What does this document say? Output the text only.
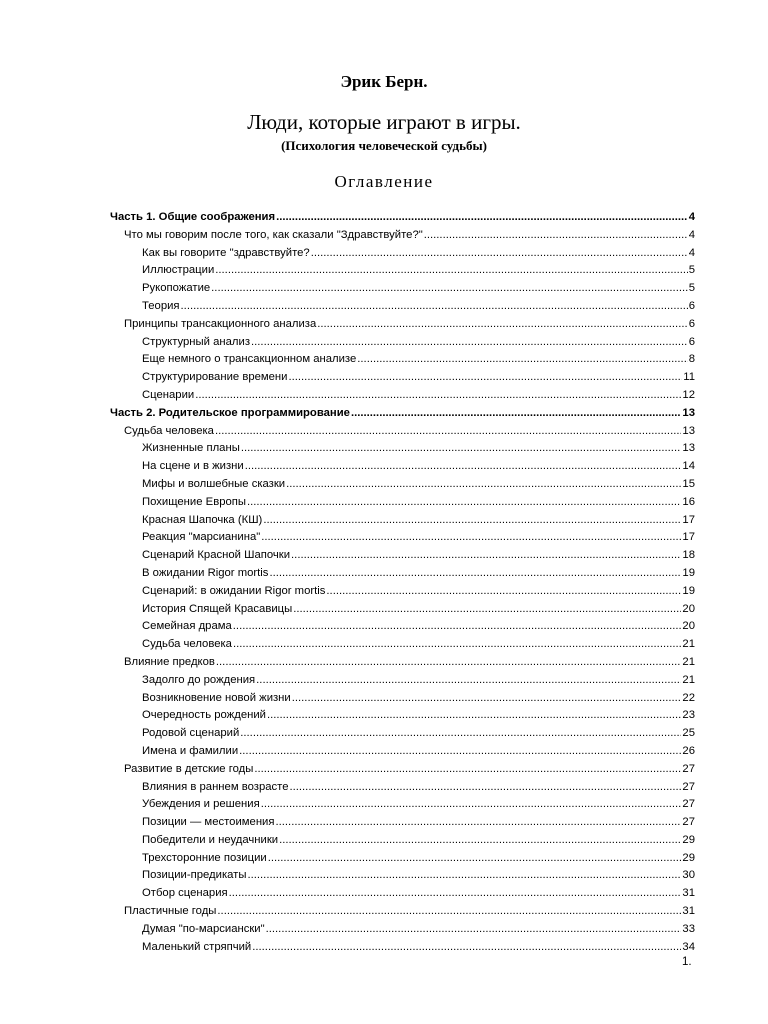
Эрик Берн.
Люди, которые играют в игры.
(Психология человеческой судьбы)
Оглавление
Часть 1. Общие соображения .....	4
Что мы говорим после того, как сказали "Здравствуйте?" .....	4
Как вы говорите "здравствуйте? .....	4
Иллюстрации .....	5
Рукопожатие .....	5
Теория .....	6
Принципы трансакционного анализа .....	6
Структурный анализ .....	6
Еще немного о трансакционном анализе .....	8
Структурирование времени .....	11
Сценарии .....	12
Часть 2. Родительское программирование .....	13
Судьба человека .....	13
Жизненные планы .....	13
На сцене и в жизни .....	14
Мифы и волшебные сказки .....	15
Похищение Европы .....	16
Красная Шапочка (КШ) .....	17
Реакция "марсианина" .....	17
Сценарий Красной Шапочки .....	18
В ожидании Rigor mortis .....	19
Сценарий: в ожидании Rigor mortis .....	19
История Спящей Красавицы .....	20
Семейная драма .....	20
Судьба человека .....	21
Влияние предков .....	21
Задолго до рождения .....	21
Возникновение новой жизни .....	22
Очередность рождений .....	23
Родовой сценарий .....	25
Имена и фамилии .....	26
Развитие в детские годы .....	27
Влияния в раннем возрасте .....	27
Убеждения и решения .....	27
Позиции — местоимения .....	27
Победители и неудачники .....	29
Трехсторонние позиции .....	29
Позиции-предикаты .....	30
Отбор сценария .....	31
Пластичные годы .....	31
Думая "по-марсиански" .....	33
Маленький стряпчий .....	34
1.
